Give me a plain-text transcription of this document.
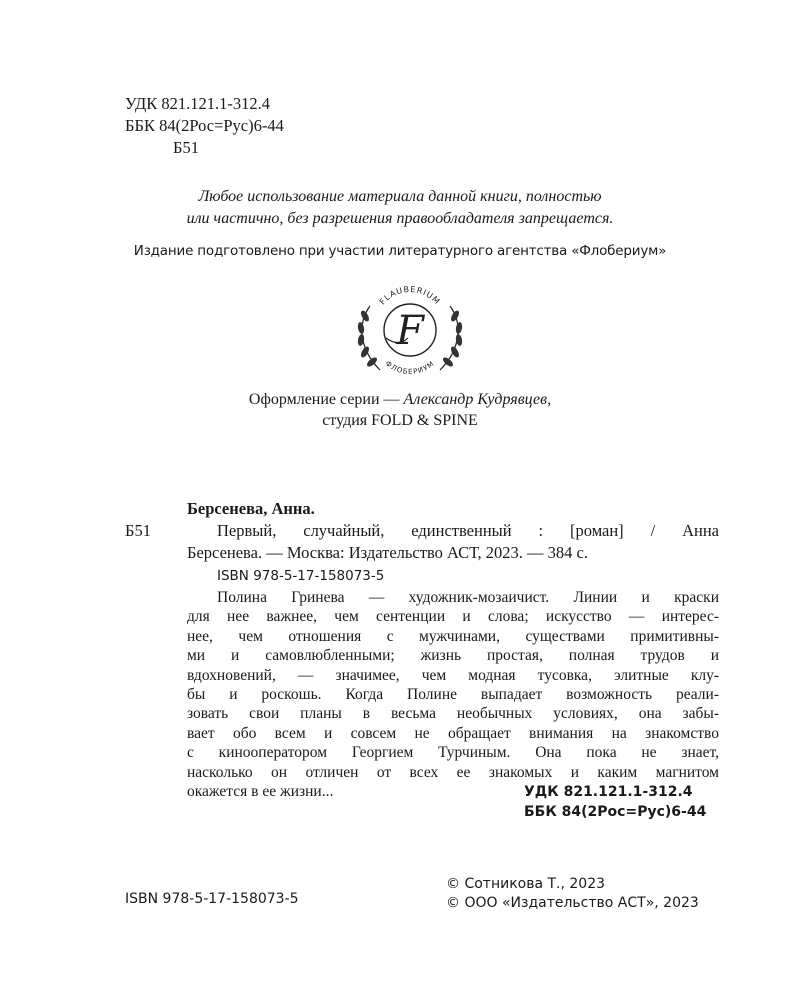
УДК 821.121.1-312.4
ББК 84(2Рос=Рус)6-44
Б51
Любое использование материала данной книги, полностью
или частично, без разрешения правообладателя запрещается.
Издание подготовлено при участии литературного агентства «Флобериум»
FLAUBERIUM
ФЛОБЕРИУМ
F
Оформление серии — Александр Кудрявцев,
студия FOLD & SPINE
Берсенева, Анна.
Б51	Первый, случайный, единственный : [роман] / Анна
Берсенева. — Москва: Издательство АСТ, 2023. — 384 с.
ISBN 978-5-17-158073-5
Полина Гринева — художник-мозаичист. Линии и краски
для нее важнее, чем сентенции и слова; искусство — интерес-
нее, чем отношения с мужчинами, существами примитивны-
ми и самовлюбленными; жизнь простая, полная трудов и
вдохновений, — значимее, чем модная тусовка, элитные клу-
бы и роскошь. Когда Полине выпадает возможность реали-
зовать свои планы в весьма необычных условиях, она забы-
вает обо всем и совсем не обращает внимания на знакомство
с кинооператором Георгием Турчиным. Она пока не знает,
насколько он отличен от всех ее знакомых и каким магнитом
окажется в ее жизни...	УДК 821.121.1-312.4
ББК 84(2Рос=Рус)6-44
© Сотникова Т., 2023
© ООО «Издательство АСТ», 2023
ISBN 978-5-17-158073-5
